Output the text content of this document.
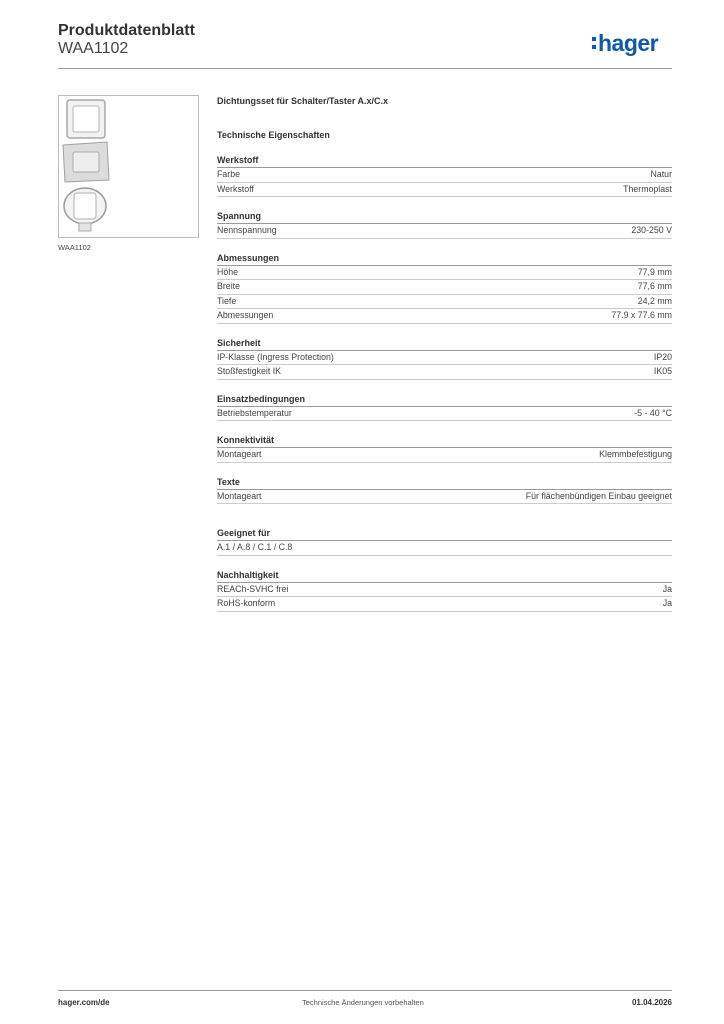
Produktdatenblatt
WAA1102	hager
WAA1102
Dichtungsset für Schalter/Taster A.x/C.x
Technische Eigenschaften
Werkstoff
Farbe	Natur
Werkstoff	Thermoplast
Spannung
Nennspannung	230-250 V
Abmessungen
Höhe	77,9 mm
Breite	77,6 mm
Tiefe	24,2 mm
Abmessungen	77.9 x 77.6 mm
Sicherheit
IP-Klasse (Ingress Protection)	IP20
Stoßfestigkeit IK	IK05
Einsatzbedingungen
Betriebstemperatur	-5 - 40 °C
Konnektivität
Montageart	Klemmbefestigung
Texte
Montageart	Für flächenbündigen Einbau geeignet
Geeignet für
A.1 / A.8 / C.1 / C.8
Nachhaltigkeit
REACh-SVHC frei	Ja
RoHS-konform	Ja
hager.com/de	Technische Änderungen vorbehalten	01.04.2026
